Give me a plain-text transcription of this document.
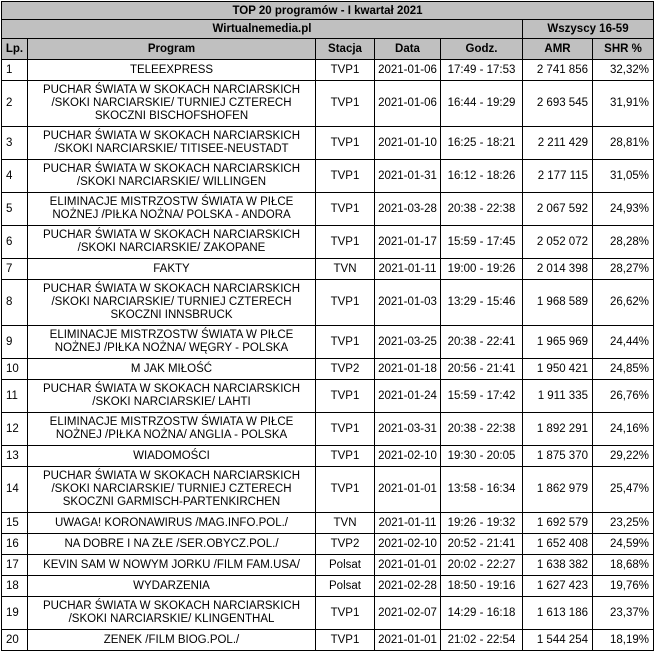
TOP 20 programów - I kwartał 2021						
Wirtualnemedia.pl					Wszyscy 16-59	
Lp.	Program	Stacja	Data	Godz.	AMR	SHR %
1	TELEEXPRESS	TVP1	2021-01-06	17:49 - 17:53	2 741 856	32,32%
2	PUCHAR ŚWIATA W SKOKACH NARCIARSKICH /SKOKI NARCIARSKIE/ TURNIEJ CZTERECH SKOCZNI BISCHOFSHOFEN	TVP1	2021-01-06	16:44 - 19:29	2 693 545	31,91%
3	PUCHAR ŚWIATA W SKOKACH NARCIARSKICH /SKOKI NARCIARSKIE/ TITISEE-NEUSTADT	TVP1	2021-01-10	16:25 - 18:21	2 211 429	28,81%
4	PUCHAR ŚWIATA W SKOKACH NARCIARSKICH /SKOKI NARCIARSKIE/ WILLINGEN	TVP1	2021-01-31	16:12 - 18:26	2 177 115	31,05%
5	ELIMINACJE MISTRZOSTW ŚWIATA W PIŁCE NOŻNEJ /PIŁKA NOŻNA/ POLSKA - ANDORA	TVP1	2021-03-28	20:38 - 22:38	2 067 592	24,93%
6	PUCHAR ŚWIATA W SKOKACH NARCIARSKICH /SKOKI NARCIARSKIE/ ZAKOPANE	TVP1	2021-01-17	15:59 - 17:45	2 052 072	28,28%
7	FAKTY	TVN	2021-01-11	19:00 - 19:26	2 014 398	28,27%
8	PUCHAR ŚWIATA W SKOKACH NARCIARSKICH /SKOKI NARCIARSKIE/ TURNIEJ CZTERECH SKOCZNI INNSBRUCK	TVP1	2021-01-03	13:29 - 15:46	1 968 589	26,62%
9	ELIMINACJE MISTRZOSTW ŚWIATA W PIŁCE NOŻNEJ /PIŁKA NOŻNA/ WĘGRY - POLSKA	TVP1	2021-03-25	20:38 - 22:41	1 965 969	24,44%
10	M JAK MIŁOŚĆ	TVP2	2021-01-18	20:56 - 21:41	1 950 421	24,85%
11	PUCHAR ŚWIATA W SKOKACH NARCIARSKICH /SKOKI NARCIARSKIE/ LAHTI	TVP1	2021-01-24	15:59 - 17:42	1 911 335	26,76%
12	ELIMINACJE MISTRZOSTW ŚWIATA W PIŁCE NOŻNEJ /PIŁKA NOŻNA/ ANGLIA - POLSKA	TVP1	2021-03-31	20:38 - 22:38	1 892 291	24,16%
13	WIADOMOŚCI	TVP1	2021-02-10	19:30 - 20:05	1 875 370	29,22%
14	PUCHAR ŚWIATA W SKOKACH NARCIARSKICH /SKOKI NARCIARSKIE/ TURNIEJ CZTERECH SKOCZNI GARMISCH-PARTENKIRCHEN	TVP1	2021-01-01	13:58 - 16:34	1 862 979	25,47%
15	UWAGA! KORONAWIRUS /MAG.INFO.POL./	TVN	2021-01-11	19:26 - 19:32	1 692 579	23,25%
16	NA DOBRE I NA ZŁE /SER.OBYCZ.POL./	TVP2	2021-02-10	20:52 - 21:41	1 652 408	24,59%
17	KEVIN SAM W NOWYM JORKU /FILM FAM.USA/	Polsat	2021-01-01	20:02 - 22:27	1 638 382	18,68%
18	WYDARZENIA	Polsat	2021-02-28	18:50 - 19:16	1 627 423	19,76%
19	PUCHAR ŚWIATA W SKOKACH NARCIARSKICH /SKOKI NARCIARSKIE/ KLINGENTHAL	TVP1	2021-02-07	14:29 - 16:18	1 613 186	23,37%
20	ZENEK /FILM BIOG.POL./	TVP1	2021-01-01	21:02 - 22:54	1 544 254	18,19%
